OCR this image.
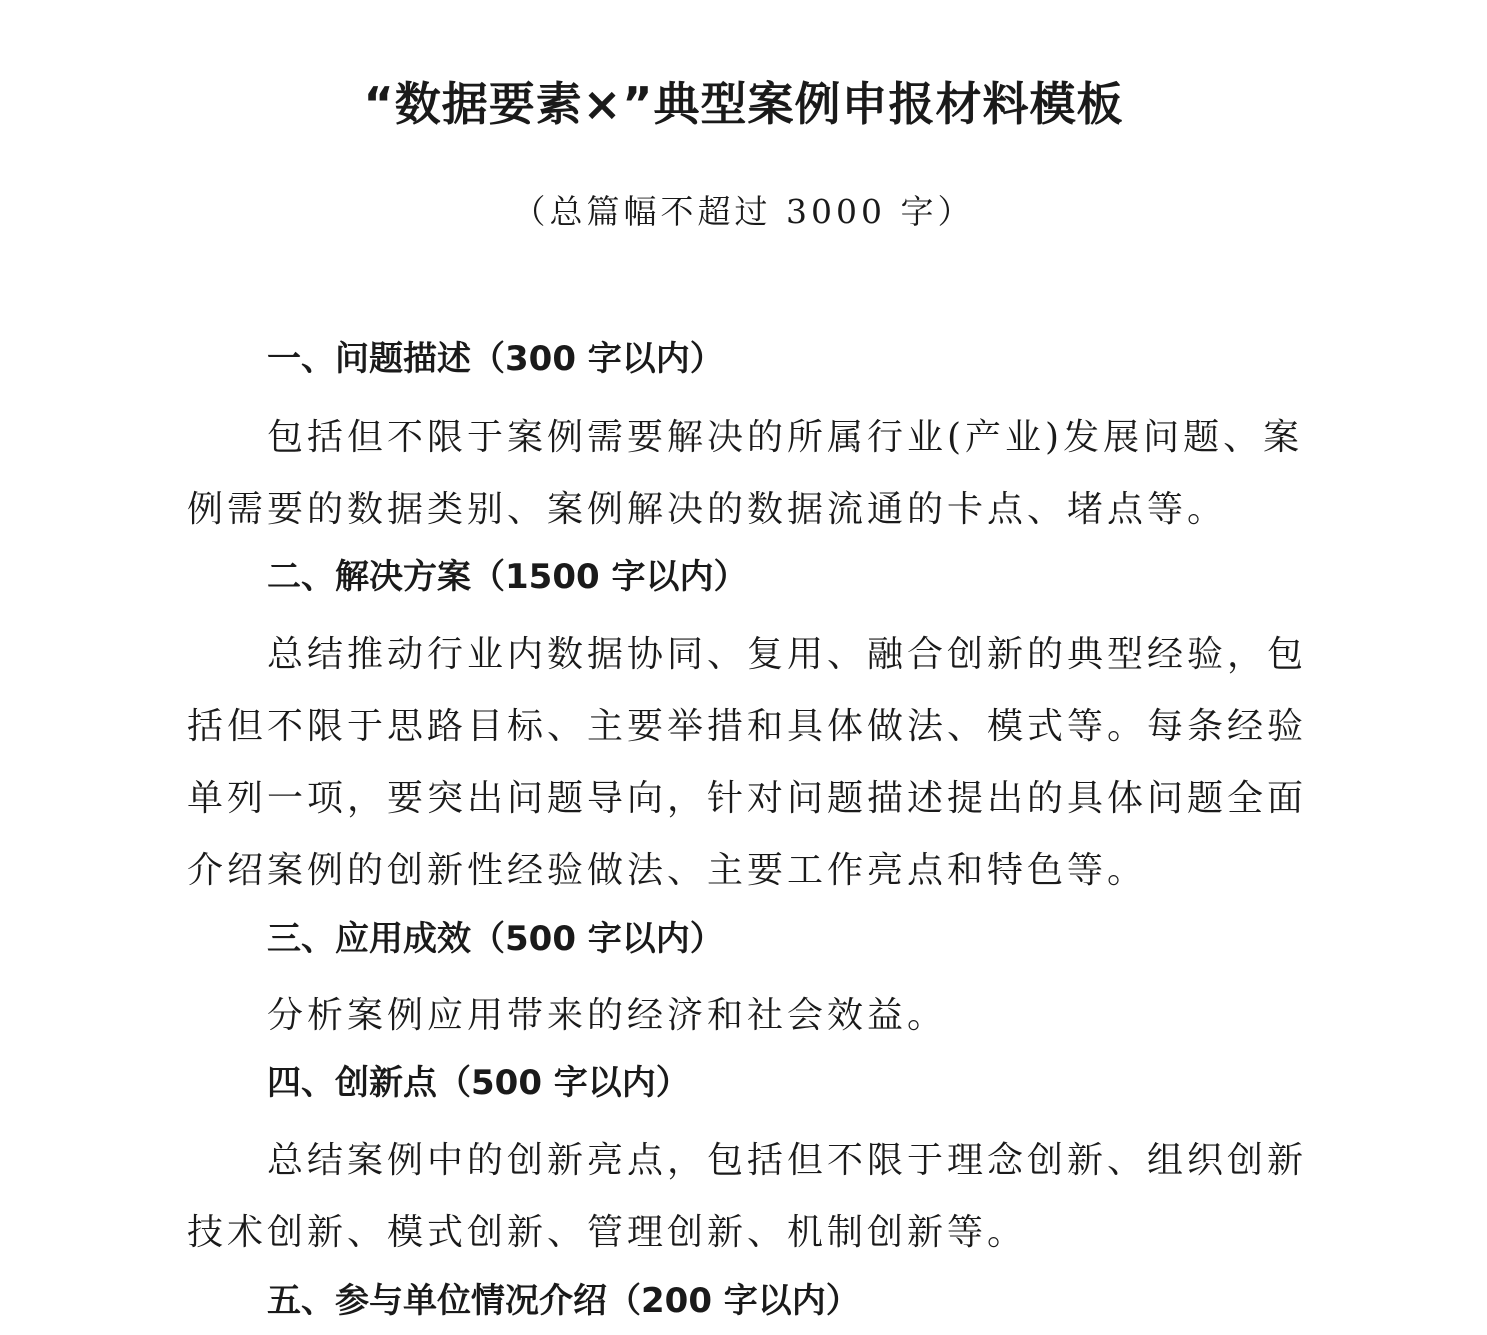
“数据要素×”典型案例申报材料模板
（总篇幅不超过 3000 字）
一、问题描述（300 字以内）
包括但不限于案例需要解决的所属行业(产业)发展问题、案
例需要的数据类别、案例解决的数据流通的卡点、堵点等。
二、解决方案（1500 字以内）
总结推动行业内数据协同、复用、融合创新的典型经验，包
括但不限于思路目标、主要举措和具体做法、模式等。每条经验
单列一项，要突出问题导向，针对问题描述提出的具体问题全面
介绍案例的创新性经验做法、主要工作亮点和特色等。
三、应用成效（500 字以内）
分析案例应用带来的经济和社会效益。
四、创新点（500 字以内）
总结案例中的创新亮点，包括但不限于理念创新、组织创新
技术创新、模式创新、管理创新、机制创新等。
五、参与单位情况介绍（200 字以内）
